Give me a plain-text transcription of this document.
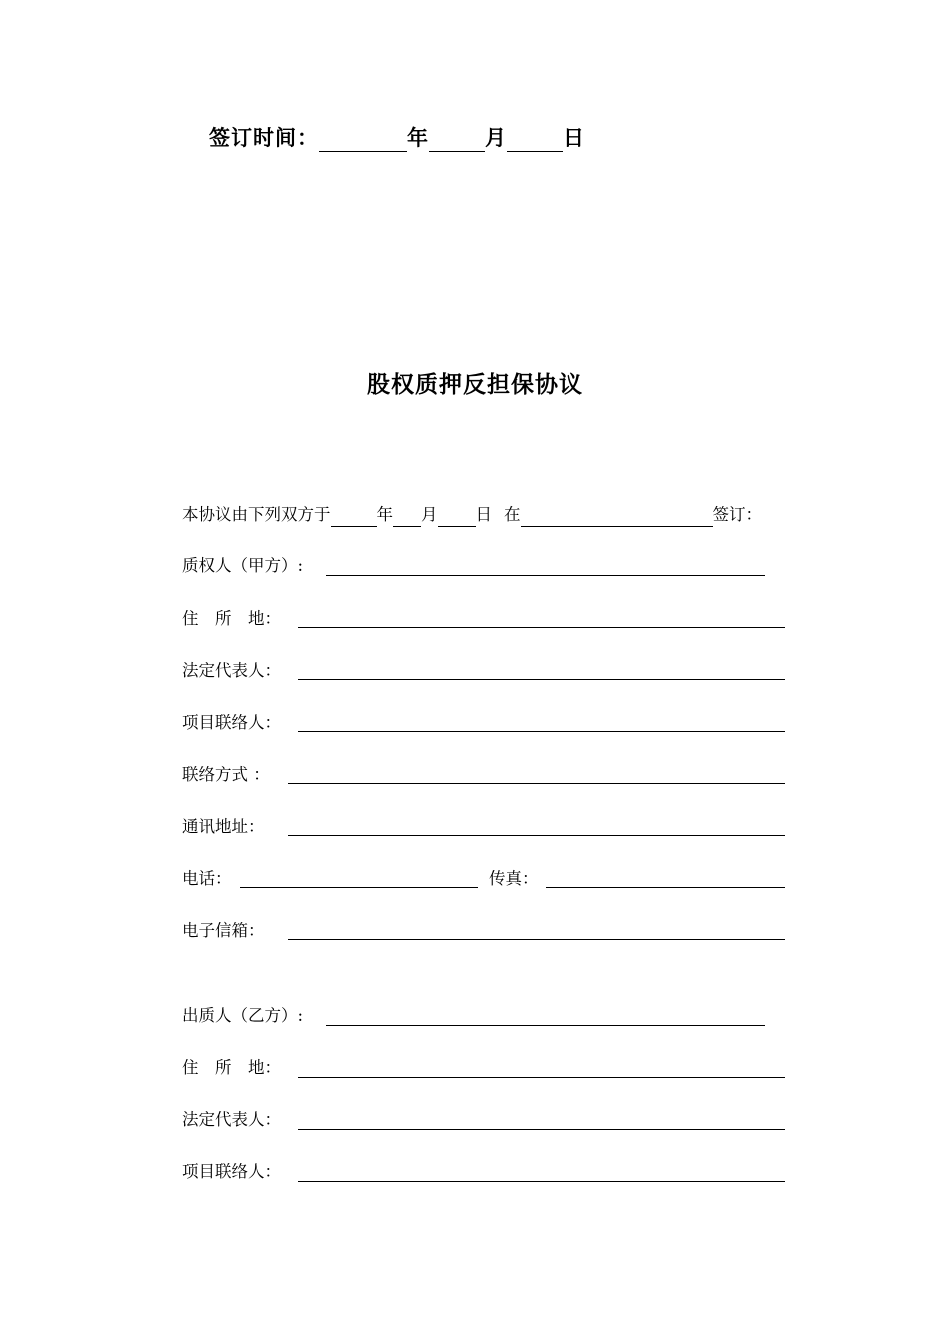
签订时间：	年	月	日
股权质押反担保协议
本协议由下列双方于	年 月 日 在	签订：
质权人（甲方）:
住　所　地：
法定代表人：
项目联络人：
联络方式 ：
通讯地址：
电话：	传真：
电子信箱：
出质人（乙方）:
住　所　地：
法定代表人：
项目联络人：
